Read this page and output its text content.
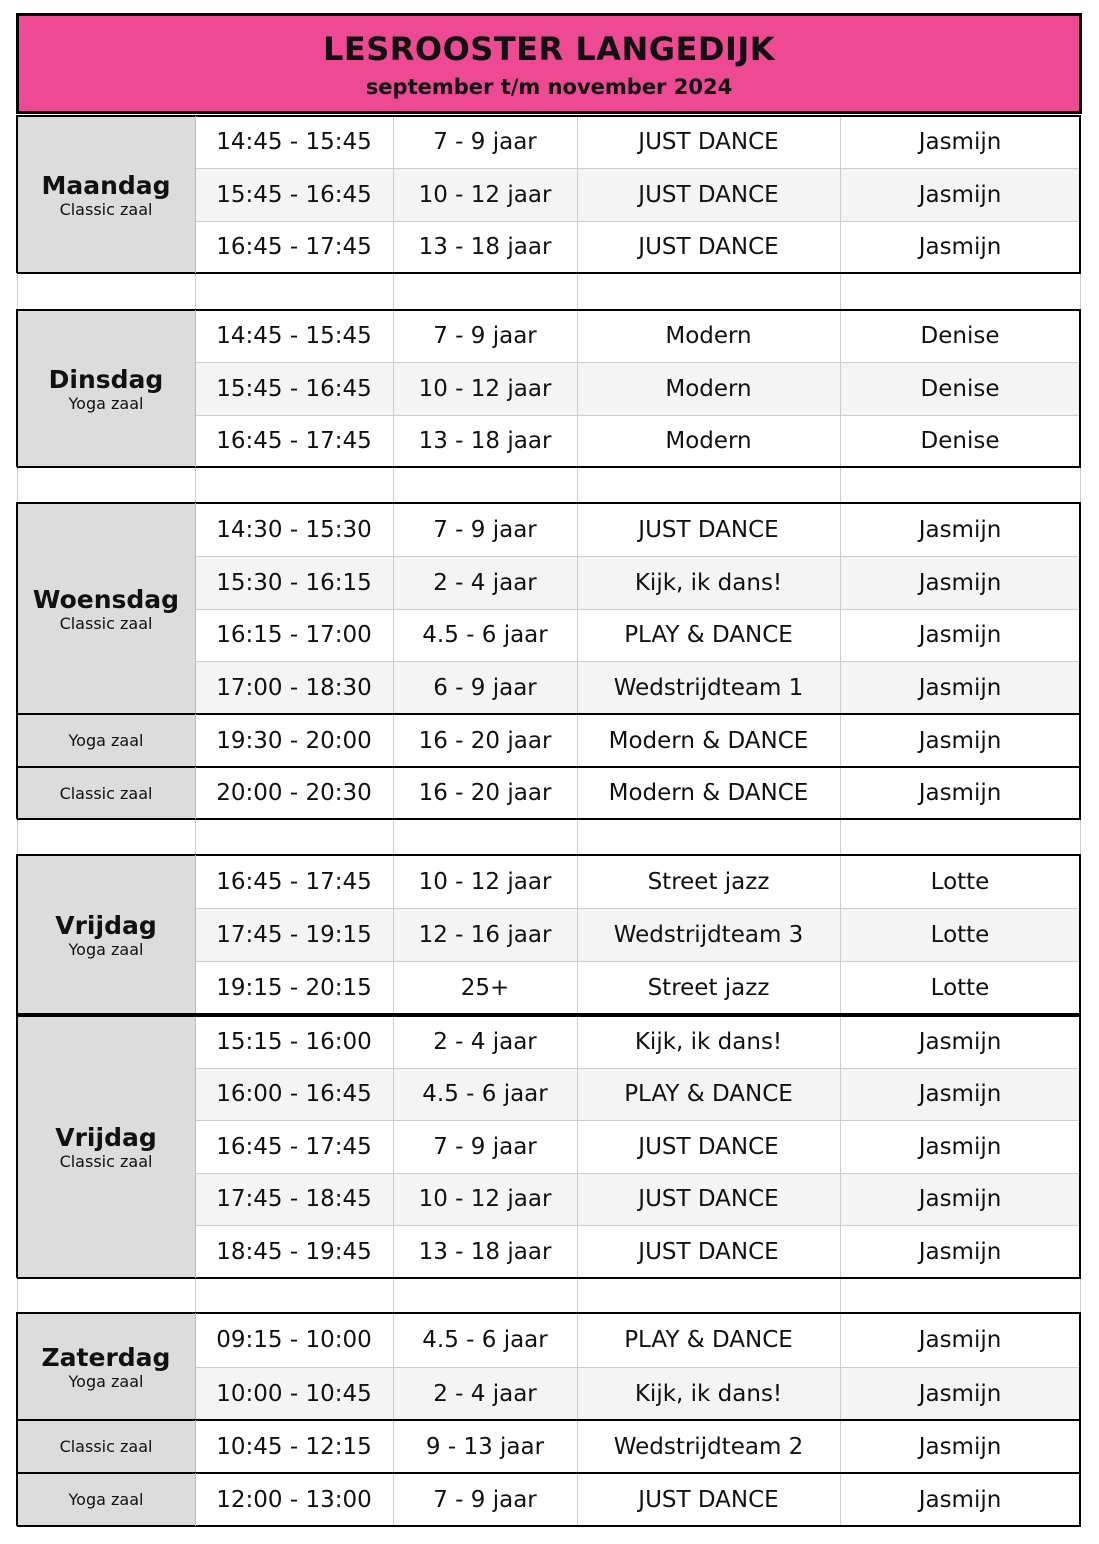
LESROOSTER LANGEDIJK
september t/m november 2024
Maandag
Classic zaal
14:45 - 15:45	7 - 9 jaar	JUST DANCE	Jasmijn
15:45 - 16:45	10 - 12 jaar	JUST DANCE	Jasmijn
16:45 - 17:45	13 - 18 jaar	JUST DANCE	Jasmijn
Dinsdag
Yoga zaal
14:45 - 15:45	7 - 9 jaar	Modern	Denise
15:45 - 16:45	10 - 12 jaar	Modern	Denise
16:45 - 17:45	13 - 18 jaar	Modern	Denise
Woensdag
Classic zaal
14:30 - 15:30	7 - 9 jaar	JUST DANCE	Jasmijn
15:30 - 16:15	2 - 4 jaar	Kijk, ik dans!	Jasmijn
16:15 - 17:00	4.5 - 6 jaar	PLAY & DANCE	Jasmijn
17:00 - 18:30	6 - 9 jaar	Wedstrijdteam 1	Jasmijn
Yoga zaal	19:30 - 20:00	16 - 20 jaar	Modern & DANCE	Jasmijn
Classic zaal	20:00 - 20:30	16 - 20 jaar	Modern & DANCE	Jasmijn
Vrijdag
Yoga zaal
16:45 - 17:45	10 - 12 jaar	Street jazz	Lotte
17:45 - 19:15	12 - 16 jaar	Wedstrijdteam 3	Lotte
19:15 - 20:15	25+	Street jazz	Lotte
Vrijdag
Classic zaal
15:15 - 16:00	2 - 4 jaar	Kijk, ik dans!	Jasmijn
16:00 - 16:45	4.5 - 6 jaar	PLAY & DANCE	Jasmijn
16:45 - 17:45	7 - 9 jaar	JUST DANCE	Jasmijn
17:45 - 18:45	10 - 12 jaar	JUST DANCE	Jasmijn
18:45 - 19:45	13 - 18 jaar	JUST DANCE	Jasmijn
Zaterdag
Yoga zaal
09:15 - 10:00	4.5 - 6 jaar	PLAY & DANCE	Jasmijn
10:00 - 10:45	2 - 4 jaar	Kijk, ik dans!	Jasmijn
Classic zaal	10:45 - 12:15	9 - 13 jaar	Wedstrijdteam 2	Jasmijn
Yoga zaal	12:00 - 13:00	7 - 9 jaar	JUST DANCE	Jasmijn
